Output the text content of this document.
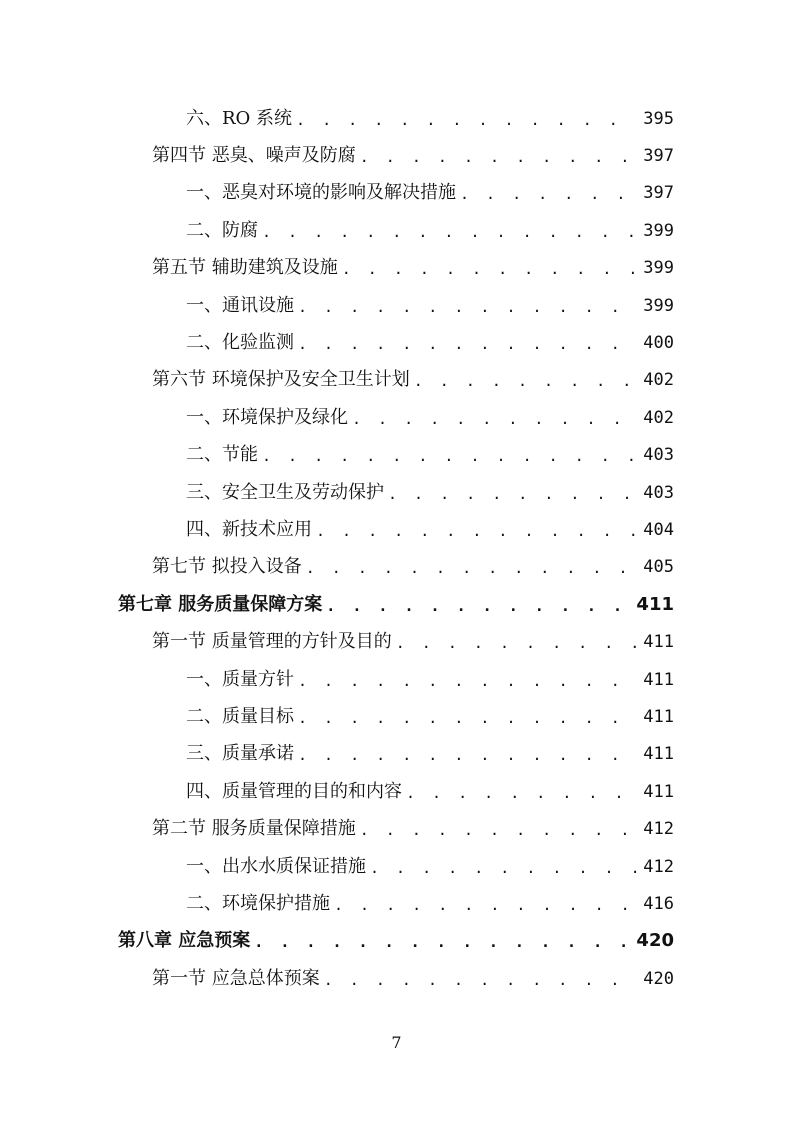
六、RO 系统 . . .	395
第四节 恶臭、噪声及防腐 . . .	397
一、恶臭对环境的影响及解决措施 . . .	397
二、防腐 . . .	399
第五节 辅助建筑及设施 . . .	399
一、通讯设施 . . .	399
二、化验监测 . . .	400
第六节 环境保护及安全卫生计划 . . .	402
一、环境保护及绿化 . . .	402
二、节能 . . .	403
三、安全卫生及劳动保护 . . .	403
四、新技术应用 . . .	404
第七节 拟投入设备 . . .	405
第七章 服务质量保障方案 . . .	411
第一节 质量管理的方针及目的 . . .	411
一、质量方针 . . .	411
二、质量目标 . . .	411
三、质量承诺 . . .	411
四、质量管理的目的和内容 . . .	411
第二节 服务质量保障措施 . . .	412
一、出水水质保证措施 . . .	412
二、环境保护措施 . . .	416
第八章 应急预案 . . .	420
第一节 应急总体预案 . . .	420
7
